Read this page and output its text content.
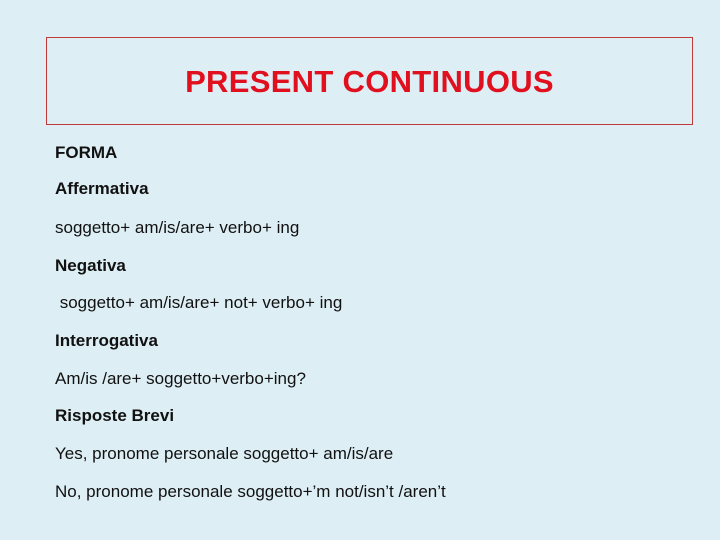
PRESENT CONTINUOUS
FORMA
Affermativa
soggetto+ am/is/are+ verbo+ ing
Negativa
soggetto+ am/is/are+ not+ verbo+ ing
Interrogativa
Am/is /are+ soggetto+verbo+ing?
Risposte Brevi
Yes, pronome personale soggetto+ am/is/are
No, pronome personale soggetto+’m not/isn’t /aren’t
